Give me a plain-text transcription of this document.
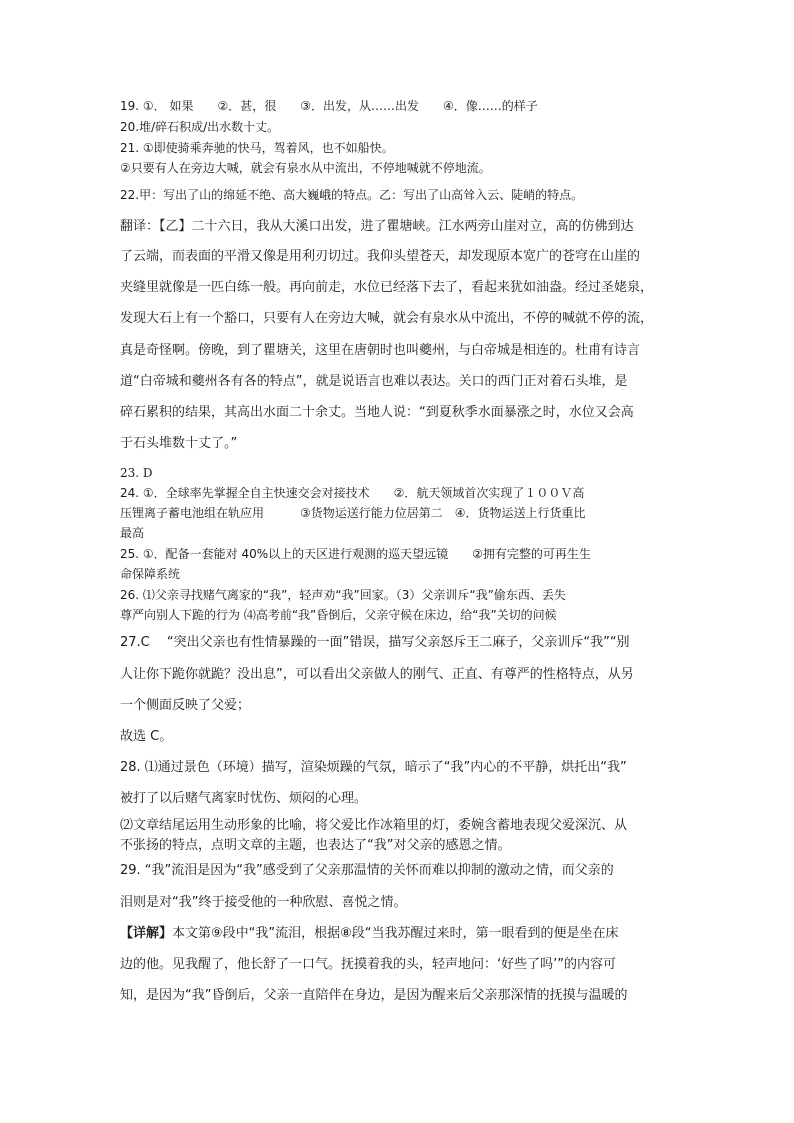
19. ①． 如果　　②．甚，很　　③．出发，从……出发　　④．像……的样子
20.堆/碎石积成/出水数十丈。
21. ①即使骑乘奔驰的快马，驾着风，也不如船快。
②只要有人在旁边大喊，就会有泉水从中流出，不停地喊就不停地流。
22.甲：写出了山的绵延不绝、高大巍峨的特点。乙：写出了山高耸入云、陡峭的特点。
翻译：【乙】二十六日，我从大溪口出发，进了瞿塘峡。江水两旁山崖对立，高的仿佛到达
了云端，而表面的平滑又像是用利刃切过。我仰头望苍天，却发现原本宽广的苍穹在山崖的
夹缝里就像是一匹白练一般。再向前走，水位已经落下去了，看起来犹如油盎。经过圣姥泉，
发现大石上有一个豁口，只要有人在旁边大喊，就会有泉水从中流出，不停的喊就不停的流，
真是奇怪啊。傍晚，到了瞿塘关，这里在唐朝时也叫夔州，与白帝城是相连的。杜甫有诗言
道“白帝城和夔州各有各的特点”，就是说语言也难以表达。关口的西门正对着石头堆，是
碎石累积的结果，其高出水面二十余丈。当地人说：“到夏秋季水面暴涨之时，水位又会高
于石头堆数十丈了。”
23. D
24. ①．全球率先掌握全自主快速交会对接技术　　②．航天领域首次实现了１００Ｖ高
压锂离子蓄电池组在轨应用　　　③货物运送行能力位居第二　④．货物运送上行货重比
最高
25. ①．配备一套能对 40%以上的天区进行观测的巡天望远镜　　②拥有完整的可再生生
命保障系统
26. ⑴父亲寻找赌气离家的“我”，轻声劝“我”回家。（3）父亲训斥“我”偷东西、丢失
尊严向别人下跪的行为 ⑷高考前“我”昏倒后，父亲守候在床边，给“我”关切的问候
27.C　 “突出父亲也有性情暴躁的一面”错误，描写父亲怒斥王二麻子，父亲训斥“我”“别
人让你下跪你就跪？没出息”，可以看出父亲做人的刚气、正直、有尊严的性格特点，从另
一个侧面反映了父爱；
故选 C。
28. ⑴通过景色（环境）描写，渲染烦躁的气氛，暗示了“我”内心的不平静，烘托出“我”
被打了以后赌气离家时忧伤、烦闷的心理。
⑵文章结尾运用生动形象的比喻，将父爱比作冰箱里的灯，委婉含蓄地表现父爱深沉、从
不张扬的特点，点明文章的主题，也表达了“我”对父亲的感恩之情。
29. “我”流泪是因为“我”感受到了父亲那温情的关怀而难以抑制的激动之情，而父亲的
泪则是对“我”终于接受他的一种欣慰、喜悦之情。
【详解】本文第⑨段中“我”流泪，根据⑧段“当我苏醒过来时，第一眼看到的便是坐在床
边的他。见我醒了，他长舒了一口气。抚摸着我的头，轻声地问：‘好些了吗’”的内容可
知，是因为“我”昏倒后，父亲一直陪伴在身边，是因为醒来后父亲那深情的抚摸与温暖的
